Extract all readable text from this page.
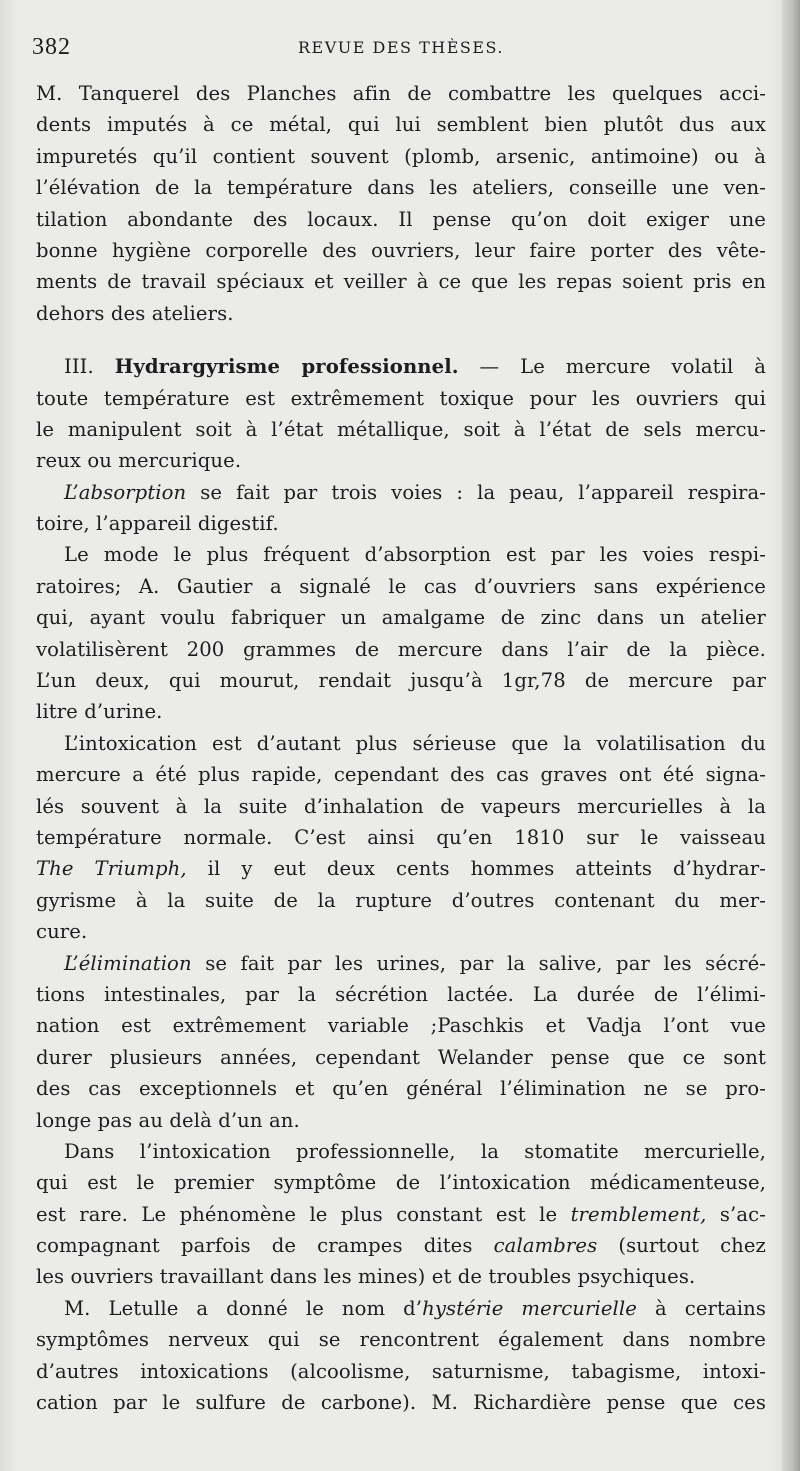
382	REVUE DES THÈSES.
M. Tanquerel des Planches afin de combattre les quelques acci-
dents imputés à ce métal, qui lui semblent bien plutôt dus aux
impuretés qu’il contient souvent (plomb, arsenic, antimoine) ou à
l’élévation de la température dans les ateliers, conseille une ven-
tilation abondante des locaux. Il pense qu’on doit exiger une
bonne hygiène corporelle des ouvriers, leur faire porter des vête-
ments de travail spéciaux et veiller à ce que les repas soient pris en
dehors des ateliers.
III. Hydrargyrisme professionnel. — Le mercure volatil à
toute température est extrêmement toxique pour les ouvriers qui
le manipulent soit à l’état métallique, soit à l’état de sels mercu-
reux ou mercurique.
L’absorption se fait par trois voies : la peau, l’appareil respira-
toire, l’appareil digestif.
Le mode le plus fréquent d’absorption est par les voies respi-
ratoires; A. Gautier a signalé le cas d’ouvriers sans expérience
qui, ayant voulu fabriquer un amalgame de zinc dans un atelier
volatilisèrent 200 grammes de mercure dans l’air de la pièce.
L’un deux, qui mourut, rendait jusqu’à 1gr,78 de mercure par
litre d’urine.
L’intoxication est d’autant plus sérieuse que la volatilisation du
mercure a été plus rapide, cependant des cas graves ont été signa-
lés souvent à la suite d’inhalation de vapeurs mercurielles à la
température normale. C’est ainsi qu’en 1810 sur le vaisseau
The Triumph, il y eut deux cents hommes atteints d’hydrar-
gyrisme à la suite de la rupture d’outres contenant du mer-
cure.
L’élimination se fait par les urines, par la salive, par les sécré-
tions intestinales, par la sécrétion lactée. La durée de l’élimi-
nation est extrêmement variable ;Paschkis et Vadja l’ont vue
durer plusieurs années, cependant Welander pense que ce sont
des cas exceptionnels et qu’en général l’élimination ne se pro-
longe pas au delà d’un an.
Dans l’intoxication professionnelle, la stomatite mercurielle,
qui est le premier symptôme de l’intoxication médicamenteuse,
est rare. Le phénomène le plus constant est le tremblement, s’ac-
compagnant parfois de crampes dites calambres (surtout chez
les ouvriers travaillant dans les mines) et de troubles psychiques.
M. Letulle a donné le nom d’hystérie mercurielle à certains
symptômes nerveux qui se rencontrent également dans nombre
d’autres intoxications (alcoolisme, saturnisme, tabagisme, intoxi-
cation par le sulfure de carbone). M. Richardière pense que ces
